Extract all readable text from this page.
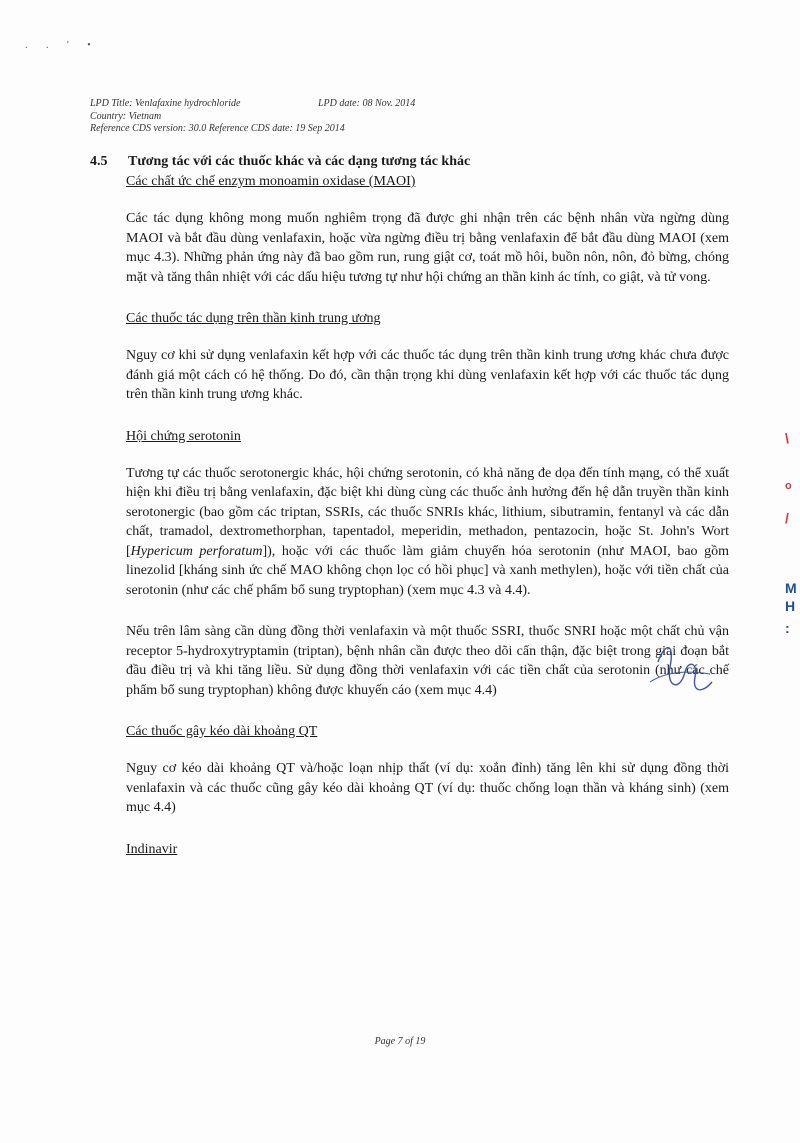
. . ' •
LPD Title: Venlafaxine hydrochloride	LPD date: 08 Nov. 2014
Country: Vietnam
Reference CDS version: 30.0 Reference CDS date: 19 Sep 2014
4.5	Tương tác với các thuốc khác và các dạng tương tác khác

Các chất ức chế enzym monoamin oxidase (MAOI)

Các tác dụng không mong muốn nghiêm trọng đã được ghi nhận trên các bệnh nhân vừa ngừng dùng MAOI và bắt đầu dùng venlafaxin, hoặc vừa ngừng điều trị bằng venlafaxin để bắt đầu dùng MAOI (xem mục 4.3). Những phản ứng này đã bao gồm run, rung giật cơ, toát mồ hôi, buồn nôn, nôn, đỏ bừng, chóng mặt và tăng thân nhiệt với các dấu hiệu tương tự như hội chứng an thần kinh ác tính, co giật, và tử vong.

Các thuốc tác dụng trên thần kinh trung ương

Nguy cơ khi sử dụng venlafaxin kết hợp với các thuốc tác dụng trên thần kinh trung ương khác chưa được đánh giá một cách có hệ thống. Do đó, cần thận trọng khi dùng venlafaxin kết hợp với các thuốc tác dụng trên thần kinh trung ương khác.

Hội chứng serotonin

Tương tự các thuốc serotonergic khác, hội chứng serotonin, có khả năng đe dọa đến tính mạng, có thể xuất hiện khi điều trị bằng venlafaxin, đặc biệt khi dùng cùng các thuốc ảnh hưởng đến hệ dẫn truyền thần kinh serotonergic (bao gồm các triptan, SSRIs, các thuốc SNRIs khác, lithium, sibutramin, fentanyl và các dẫn chất, tramadol, dextromethorphan, tapentadol, meperidin, methadon, pentazocin, hoặc St. John's Wort [Hypericum perforatum]), hoặc với các thuốc làm giảm chuyển hóa serotonin (như MAOI, bao gồm linezolid [kháng sinh ức chế MAO không chọn lọc có hồi phục] và xanh methylen), hoặc với tiền chất của serotonin (như các chế phẩm bổ sung tryptophan) (xem mục 4.3 và 4.4).

Nếu trên lâm sàng cần dùng đồng thời venlafaxin và một thuốc SSRI, thuốc SNRI hoặc một chất chủ vận receptor 5-hydroxytryptamin (triptan), bệnh nhân cần được theo dõi cẩn thận, đặc biệt trong giai đoạn bắt đầu điều trị và khi tăng liều. Sử dụng đồng thời venlafaxin với các tiền chất của serotonin (như các chế phẩm bổ sung tryptophan) không được khuyến cáo (xem mục 4.4)

Các thuốc gây kéo dài khoảng QT

Nguy cơ kéo dài khoảng QT và/hoặc loạn nhịp thất (ví dụ: xoắn đỉnh) tăng lên khi sử dụng đồng thời venlafaxin và các thuốc cũng gây kéo dài khoảng QT (ví dụ: thuốc chống loạn thần và kháng sinh) (xem mục 4.4)

Indinavir

\
o
/
M
H
:
Page 7 of 19
